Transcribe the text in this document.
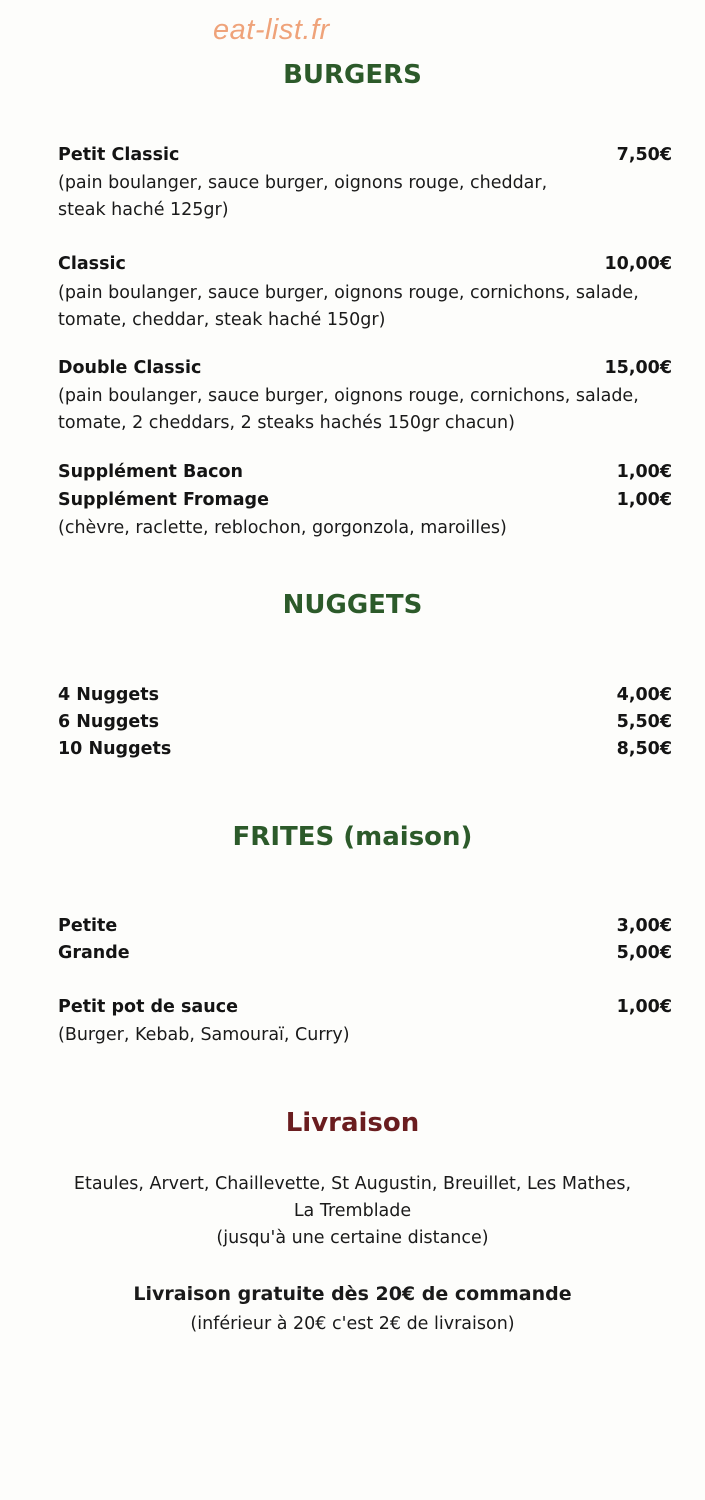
eat-list.fr
BURGERS
Petit Classic	7,50€
(pain boulanger, sauce burger, oignons rouge, cheddar,
steak haché 125gr)
Classic	10,00€
(pain boulanger, sauce burger, oignons rouge, cornichons, salade,
tomate, cheddar, steak haché 150gr)
Double Classic	15,00€
(pain boulanger, sauce burger, oignons rouge, cornichons, salade,
tomate, 2 cheddars, 2 steaks hachés 150gr chacun)
Supplément Bacon	1,00€
Supplément Fromage	1,00€
(chèvre, raclette, reblochon, gorgonzola, maroilles)
NUGGETS
4 Nuggets	4,00€
6 Nuggets	5,50€
10 Nuggets	8,50€
FRITES (maison)
Petite	3,00€
Grande	5,00€
Petit pot de sauce	1,00€
(Burger, Kebab, Samouraï, Curry)
Livraison
Etaules, Arvert, Chaillevette, St Augustin, Breuillet, Les Mathes,
La Tremblade
(jusqu'à une certaine distance)
Livraison gratuite dès 20€ de commande
(inférieur à 20€ c'est 2€ de livraison)
